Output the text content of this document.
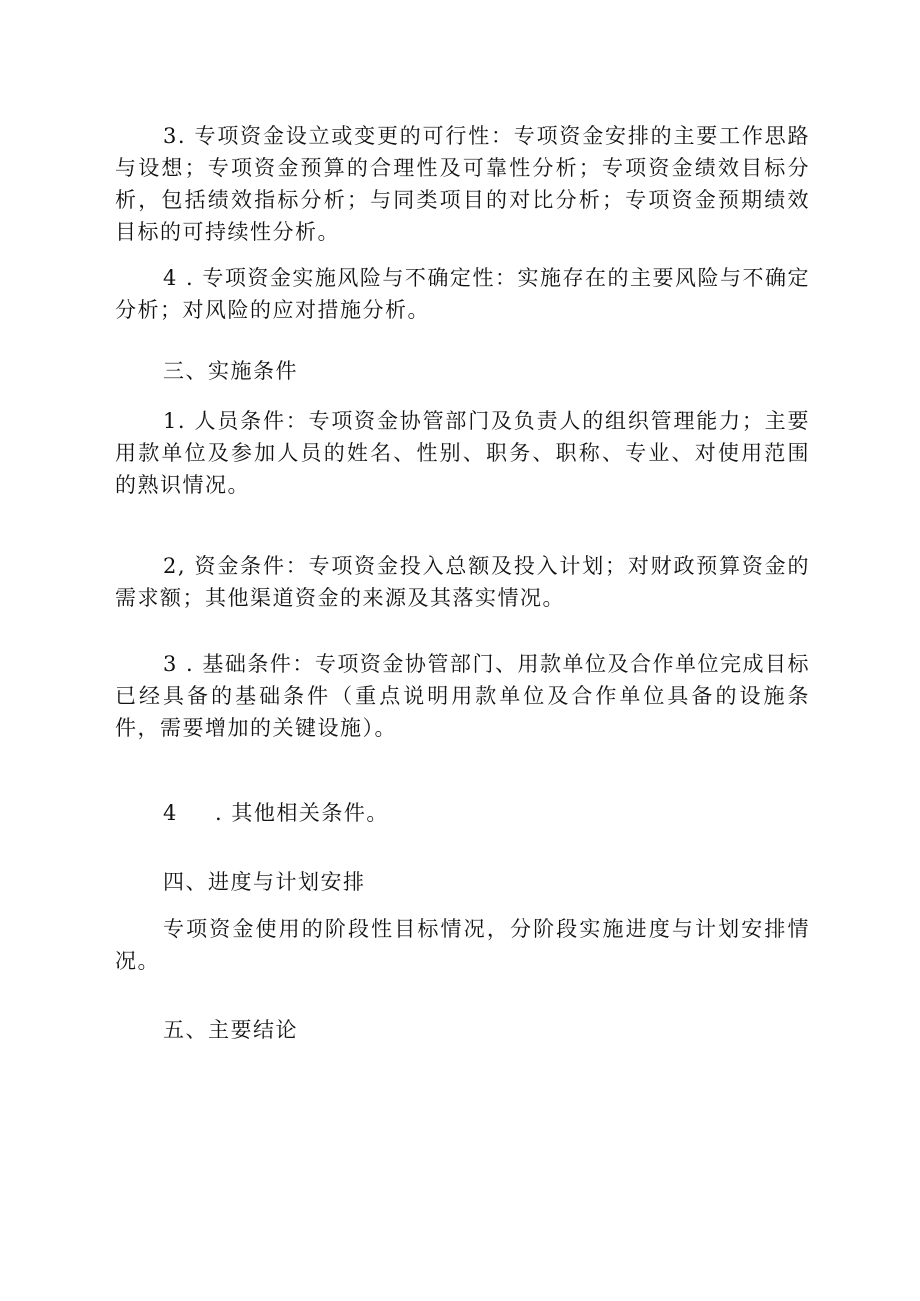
3. 专项资金设立或变更的可行性：专项资金安排的主要工作思路与设想；专项资金预算的合理性及可靠性分析；专项资金绩效目标分析，包括绩效指标分析；与同类项目的对比分析；专项资金预期绩效目标的可持续性分析。

4 . 专项资金实施风险与不确定性：实施存在的主要风险与不确定分析；对风险的应对措施分析。

三、实施条件

1. 人员条件：专项资金协管部门及负责人的组织管理能力；主要用款单位及参加人员的姓名、性别、职务、职称、专业、对使用范围的熟识情况。

2, 资金条件：专项资金投入总额及投入计划；对财政预算资金的需求额；其他渠道资金的来源及其落实情况。

3 . 基础条件：专项资金协管部门、用款单位及合作单位完成目标已经具备的基础条件（重点说明用款单位及合作单位具备的设施条件，需要增加的关键设施）。

4 . 其他相关条件。

四、进度与计划安排

专项资金使用的阶段性目标情况，分阶段实施进度与计划安排情况。

五、主要结论
